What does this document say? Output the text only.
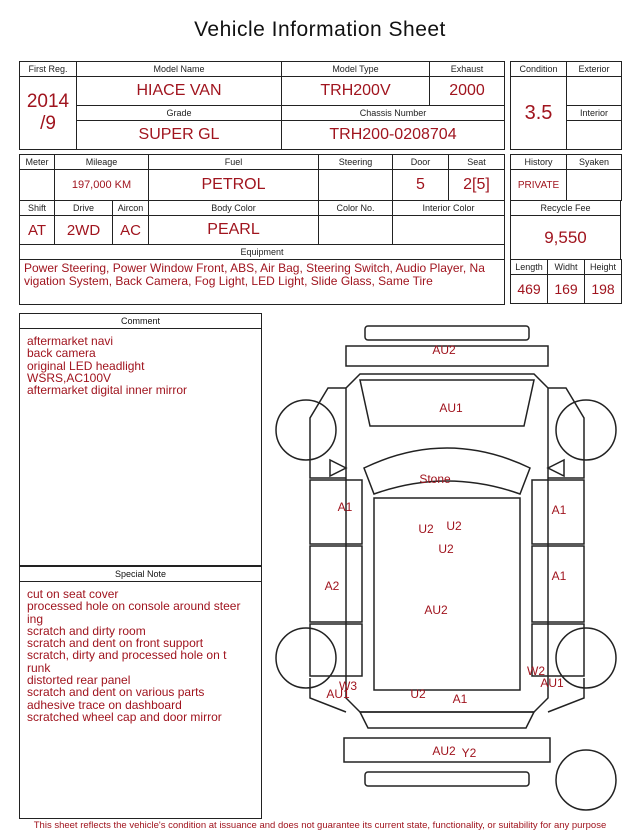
Vehicle Information Sheet
First Reg.	Model Name	Model Type	Exhaust

2014
/9	HIACE VAN	TRH200V	2000
	Grade	Chassis Number	
	SUPER GL	TRH200-0208704	
Condition	Exterior
3.5	
	Interior

Meter	Mileage		Fuel	Steering	Door	Seat
	197,000 KM		PETROL		5	2[5]
Shift	Drive	Aircon	Body Color	Color No.	Interior Color	
AT	2WD	AC	PEARL			
Equipment						

Power Steering, Power Window Front, ABS, Air Bag, Steering Switch, Audio Player, Na
vigation System, Back Camera, Fog Light, LED Light, Slide Glass, Same Tire						
History	Syaken
PRIVATE	
Recycle Fee
9,550
Length	Widht	Height
469	169	198
Comment
aftermarket navi
back camera
original LED headlight
WSRS,AC100V
aftermarket digital inner mirror
Special Note
cut on seat cover
processed hole on console around steer
ing
scratch and dirty room
scratch and dent on front support
scratch, dirty and processed hole on t
runk
distorted rear panel
scratch and dent on various parts
adhesive trace on dashboard
scratched wheel cap and door mirror
AU2
AU1
Stone
A1	A1
U2 U2
U2
A2
A1
AU2
W3
AU1
W2
AU1
U2 A1
AU2 Y2
This sheet reflects the vehicle's condition at issuance and does not guarantee its current state, functionality, or suitability for any purpose
